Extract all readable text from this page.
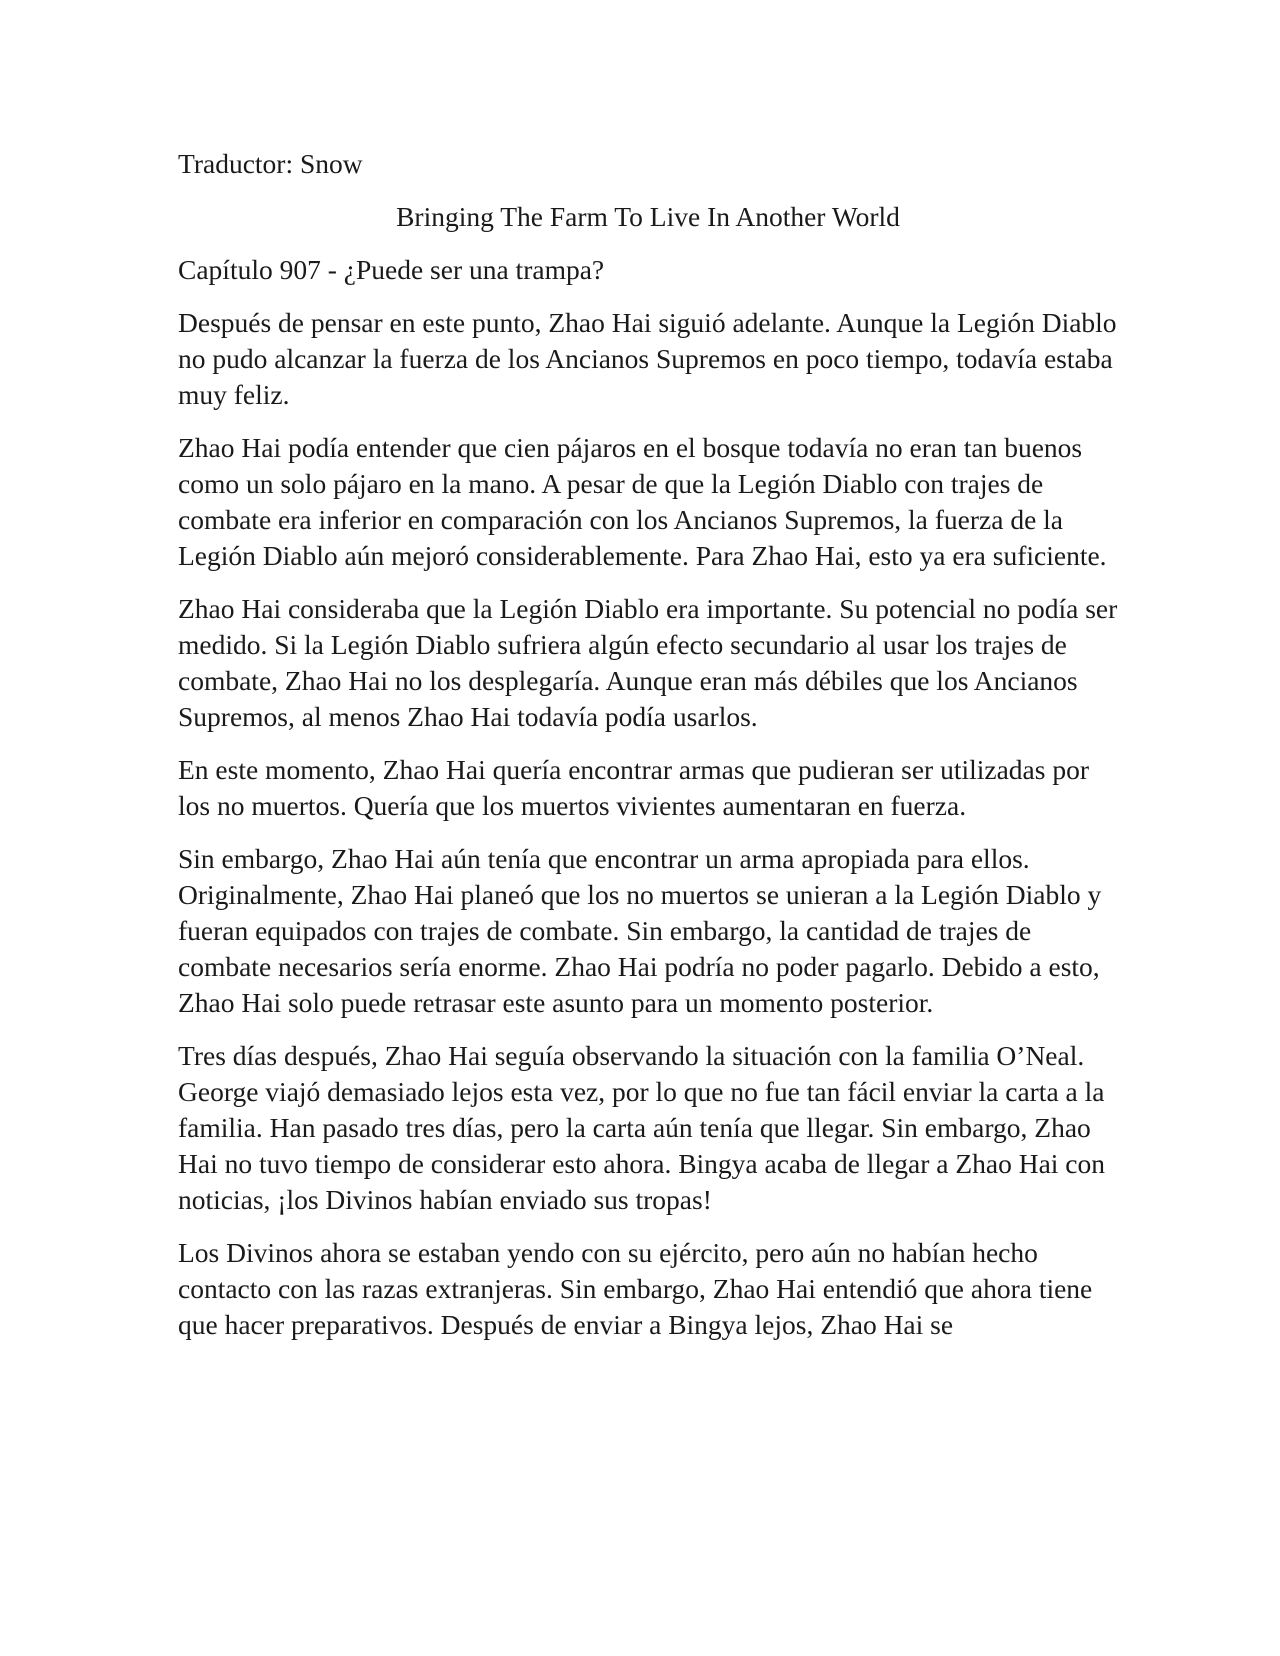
Traductor: Snow
Bringing The Farm To Live In Another World
Capítulo 907 - ¿Puede ser una trampa?

Después de pensar en este punto, Zhao Hai siguió adelante. Aunque la Legión Diablo no pudo alcanzar la fuerza de los Ancianos Supremos en poco tiempo, todavía estaba muy feliz.

Zhao Hai podía entender que cien pájaros en el bosque todavía no eran tan buenos como un solo pájaro en la mano. A pesar de que la Legión Diablo con trajes de combate era inferior en comparación con los Ancianos Supremos, la fuerza de la Legión Diablo aún mejoró considerablemente. Para Zhao Hai, esto ya era suficiente.

Zhao Hai consideraba que la Legión Diablo era importante. Su potencial no podía ser medido. Si la Legión Diablo sufriera algún efecto secundario al usar los trajes de combate, Zhao Hai no los desplegaría. Aunque eran más débiles que los Ancianos Supremos, al menos Zhao Hai todavía podía usarlos.

En este momento, Zhao Hai quería encontrar armas que pudieran ser utilizadas por los no muertos. Quería que los muertos vivientes aumentaran en fuerza.

Sin embargo, Zhao Hai aún tenía que encontrar un arma apropiada para ellos. Originalmente, Zhao Hai planeó que los no muertos se unieran a la Legión Diablo y fueran equipados con trajes de combate. Sin embargo, la cantidad de trajes de combate necesarios sería enorme. Zhao Hai podría no poder pagarlo. Debido a esto, Zhao Hai solo puede retrasar este asunto para un momento posterior.

Tres días después, Zhao Hai seguía observando la situación con la familia O’Neal. George viajó demasiado lejos esta vez, por lo que no fue tan fácil enviar la carta a la familia. Han pasado tres días, pero la carta aún tenía que llegar. Sin embargo, Zhao Hai no tuvo tiempo de considerar esto ahora. Bingya acaba de llegar a Zhao Hai con noticias, ¡los Divinos habían enviado sus tropas!

Los Divinos ahora se estaban yendo con su ejército, pero aún no habían hecho contacto con las razas extranjeras. Sin embargo, Zhao Hai entendió que ahora tiene que hacer preparativos. Después de enviar a Bingya lejos, Zhao Hai se
